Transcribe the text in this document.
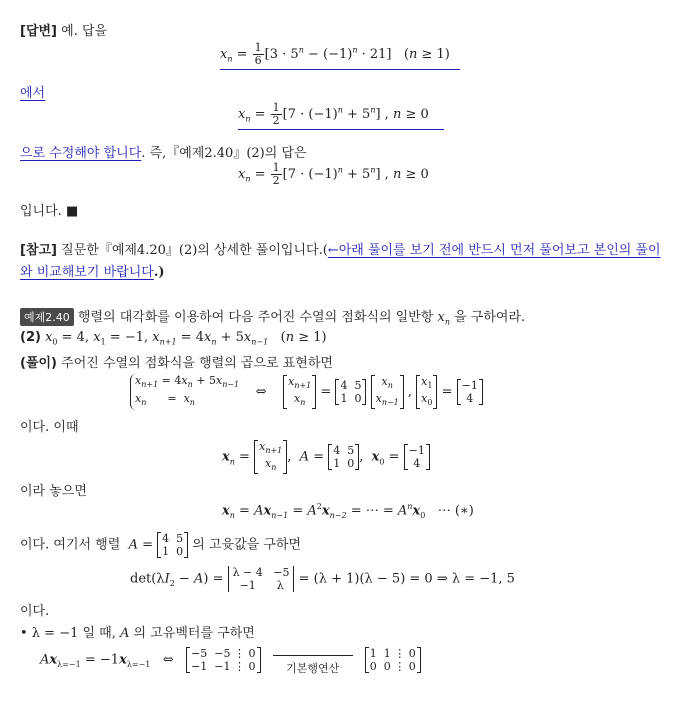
[답변] 예. 답을
$x_n = \frac{1}{6} [3 \cdot 5^n - (-1)^n \cdot 21] (n \ge 1)$
에서
$x_n = \frac{1}{2} [7 \cdot (-1)^n + 5^n]$ , n ≥ 0
으로 수정해야 합니다. 즉,『예제2.40』(2)의 답은
$x_n = \frac{1}{2} [7 \cdot (-1)^n + 5^n]$ , n ≥ 0
입니다. ■
[참고] 질문한『예제4.20』(2)의 상세한 풀이입니다.(←아래 풀이를 보기 전에 반드시 먼저 풀어보고 본인의 풀이와 비교해보기 바랍니다.)
예제2.40 행렬의 대각화를 이용하여 다음 주어진 수열의 점화식의 일반항 $x_n$ 을 구하여라.
(2) $x_0 = 4$, $x_1 = -1$, $x_{n+1} = 4x_n + 5x_{n-1}$   (n ≥ 1)
(풀이) 주어진 수열의 점화식을 행렬의 곱으로 표현하면
$x_{n+1} = 4x_n + 5x_{n-1}$
$x_n$      =  $x_n$    ⇔    $x_{n+1}$
$x_n = 4$  5
1  0 $x_n$
$x_{n-1}$ , $x_1$
$x_0 = -1$
4
이다. 이때
$x_n = x_{n+1}$
$x_n$,  A = 4  5
1  0 ,  $x_0 = -1$
4
이라 놓으면
$x_n = Ax_{n-1} = A^2x_{n-2}$ = ⋯ = $A^nx_0$ ⋯ (∗)
이다. 여기서 행렬 A = 4  5
1  0 의 고윳값을 구하면
$\det(\lambda I_2 - A) = \lambda - 4 -5$
−1      λ = (λ + 1)(λ − 5) = 0 ⇒ λ = −1, 5
이다.
• λ = −1 일 때, A 의 고유벡터를 구하면
$Ax_{\lambda=-1} = -1x_{\lambda=-1}$   ⇔   −5  −5 ⋮ 0
−1  −1 ⋮ 0
	기본행연산
1  1 ⋮ 0
0  0 ⋮ 0
